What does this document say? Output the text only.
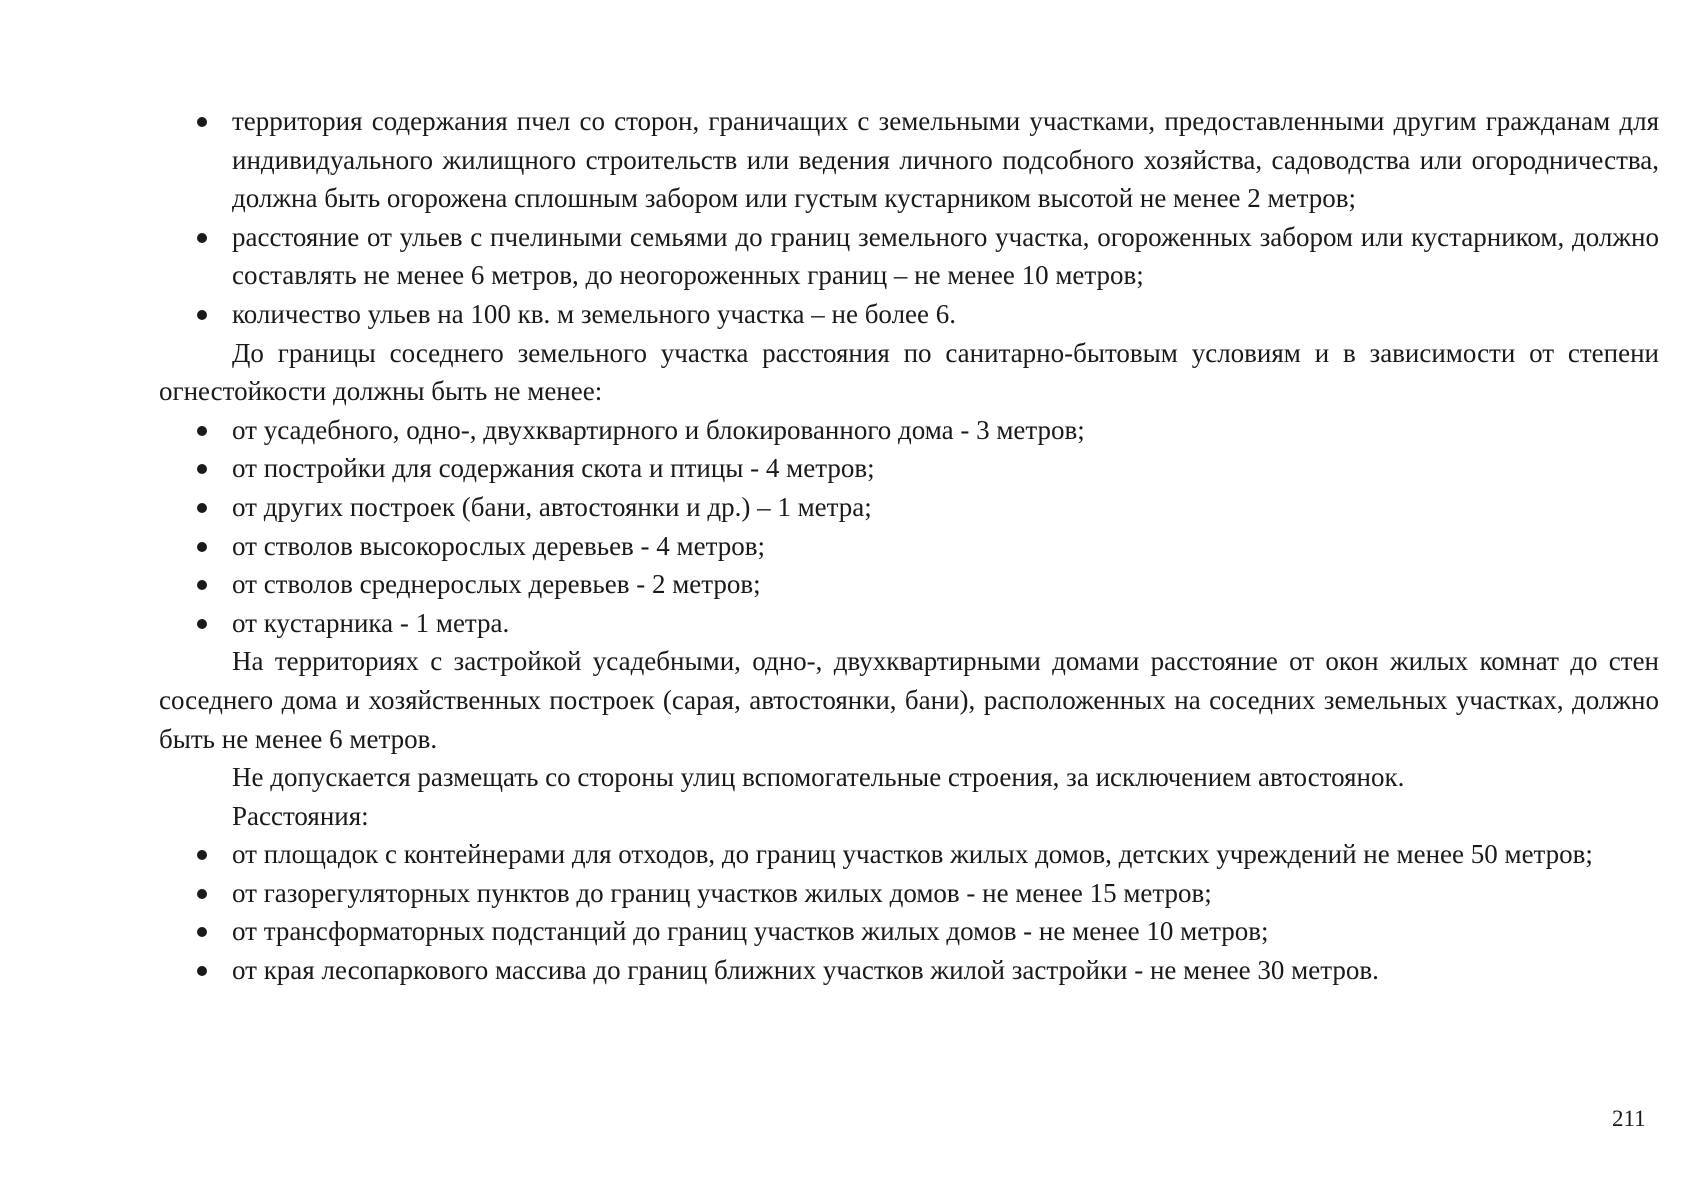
территория содержания пчел со сторон, граничащих с земельными участками, предоставленными другим гражданам для индивидуального жилищного строительств или ведения личного подсобного хозяйства, садоводства или огородничества, должна быть огорожена сплошным забором или густым кустарником высотой не менее 2 метров;
расстояние от ульев с пчелиными семьями до границ земельного участка, огороженных забором или кустарником, должно составлять не менее 6 метров, до неогороженных границ – не менее 10 метров;
количество ульев на 100 кв. м земельного участка – не более 6.

До границы соседнего земельного участка расстояния по санитарно-бытовым условиям и в зависимости от степени огнестойкости должны быть не менее:

от усадебного, одно-, двухквартирного и блокированного дома - 3 метров;
от постройки для содержания скота и птицы - 4 метров;
от других построек (бани, автостоянки и др.) – 1 метра;
от стволов высокорослых деревьев - 4 метров;
от стволов среднерослых деревьев - 2 метров;
от кустарника - 1 метра.

На территориях с застройкой усадебными, одно-, двухквартирными домами расстояние от окон жилых комнат до стен соседнего дома и хозяйственных построек (сарая, автостоянки, бани), расположенных на соседних земельных участках, должно быть не менее 6 метров.

Не допускается размещать со стороны улиц вспомогательные строения, за исключением автостоянок.

Расстояния:

от площадок с контейнерами для отходов, до границ участков жилых домов, детских учреждений не менее 50 метров;
от газорегуляторных пунктов до границ участков жилых домов - не менее 15 метров;
от трансформаторных подстанций до границ участков жилых домов - не менее 10 метров;
от края лесопаркового массива до границ ближних участков жилой застройки - не менее 30 метров.
211
